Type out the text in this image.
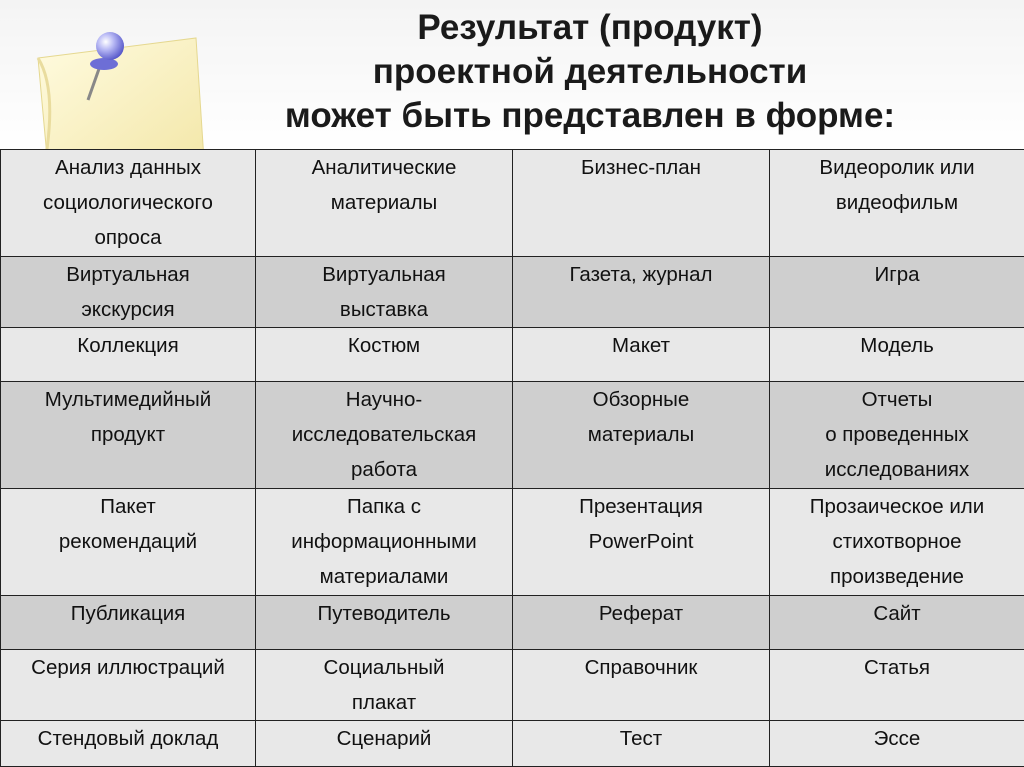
Результат (продукт)
проектной деятельности
может быть представлен в форме:
Анализ данных
социологического
опроса	Аналитические
материалы	Бизнес-план	Видеоролик или
видеофильм

Виртуальная
экскурсия	Виртуальная
выставка	Газета, журнал	Игра

Коллекция	Костюм	Макет	Модель

Мультимедийный
продукт	Научно-
исследовательская
работа	Обзорные
материалы	Отчеты
о проведенных
исследованиях

Пакет
рекомендаций	Папка с
информационными
материалами	Презентация
PowerPoint	Прозаическое или
стихотворное
произведение

Публикация	Путеводитель	Реферат	Сайт

Серия иллюстраций	Социальный
плакат	Справочник	Статья

Стендовый доклад	Сценарий	Тест	Эссе
